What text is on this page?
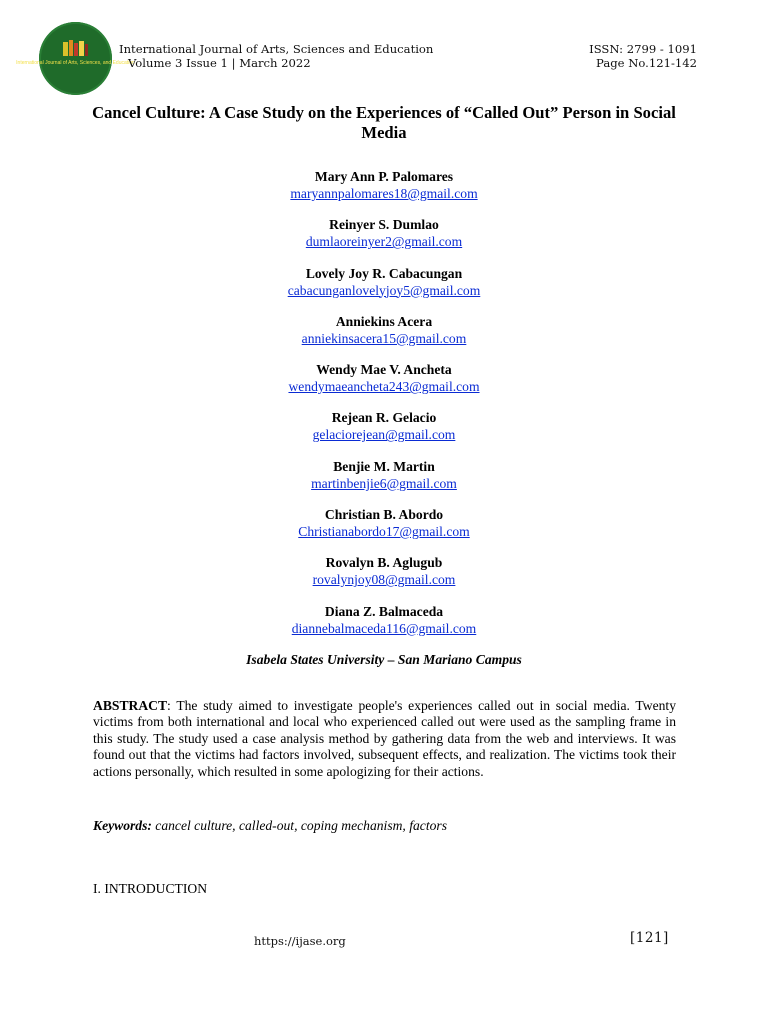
International Journal of Arts, Sciences, and Education
International Journal of Arts, Sciences and Education
Volume 3 Issue 1 | March 2022
ISSN: 2799 - 1091
Page No.121-142
Cancel Culture: A Case Study on the Experiences of “Called Out” Person in Social Media
Mary Ann P. Palomares
maryannpalomares18@gmail.com
Reinyer S. Dumlao
dumlaoreinyer2@gmail.com
Lovely Joy R. Cabacungan
cabacunganlovelyjoy5@gmail.com
Anniekins Acera
anniekinsacera15@gmail.com
Wendy Mae V. Ancheta
wendymaeancheta243@gmail.com
Rejean R. Gelacio
gelaciorejean@gmail.com
Benjie M. Martin
martinbenjie6@gmail.com
Christian B. Abordo
Christianabordo17@gmail.com
Rovalyn B. Aglugub
rovalynjoy08@gmail.com
Diana Z. Balmaceda
diannebalmaceda116@gmail.com
Isabela States University – San Mariano Campus
ABSTRACT: The study aimed to investigate people's experiences called out in social media. Twenty victims from both international and local who experienced called out were used as the sampling frame in this study. The study used a case analysis method by gathering data from the web and interviews. It was found out that the victims had factors involved, subsequent effects, and realization. The victims took their actions personally, which resulted in some apologizing for their actions.
Keywords: cancel culture, called-out, coping mechanism, factors
I. INTRODUCTION
https://ijase.org	[121]
